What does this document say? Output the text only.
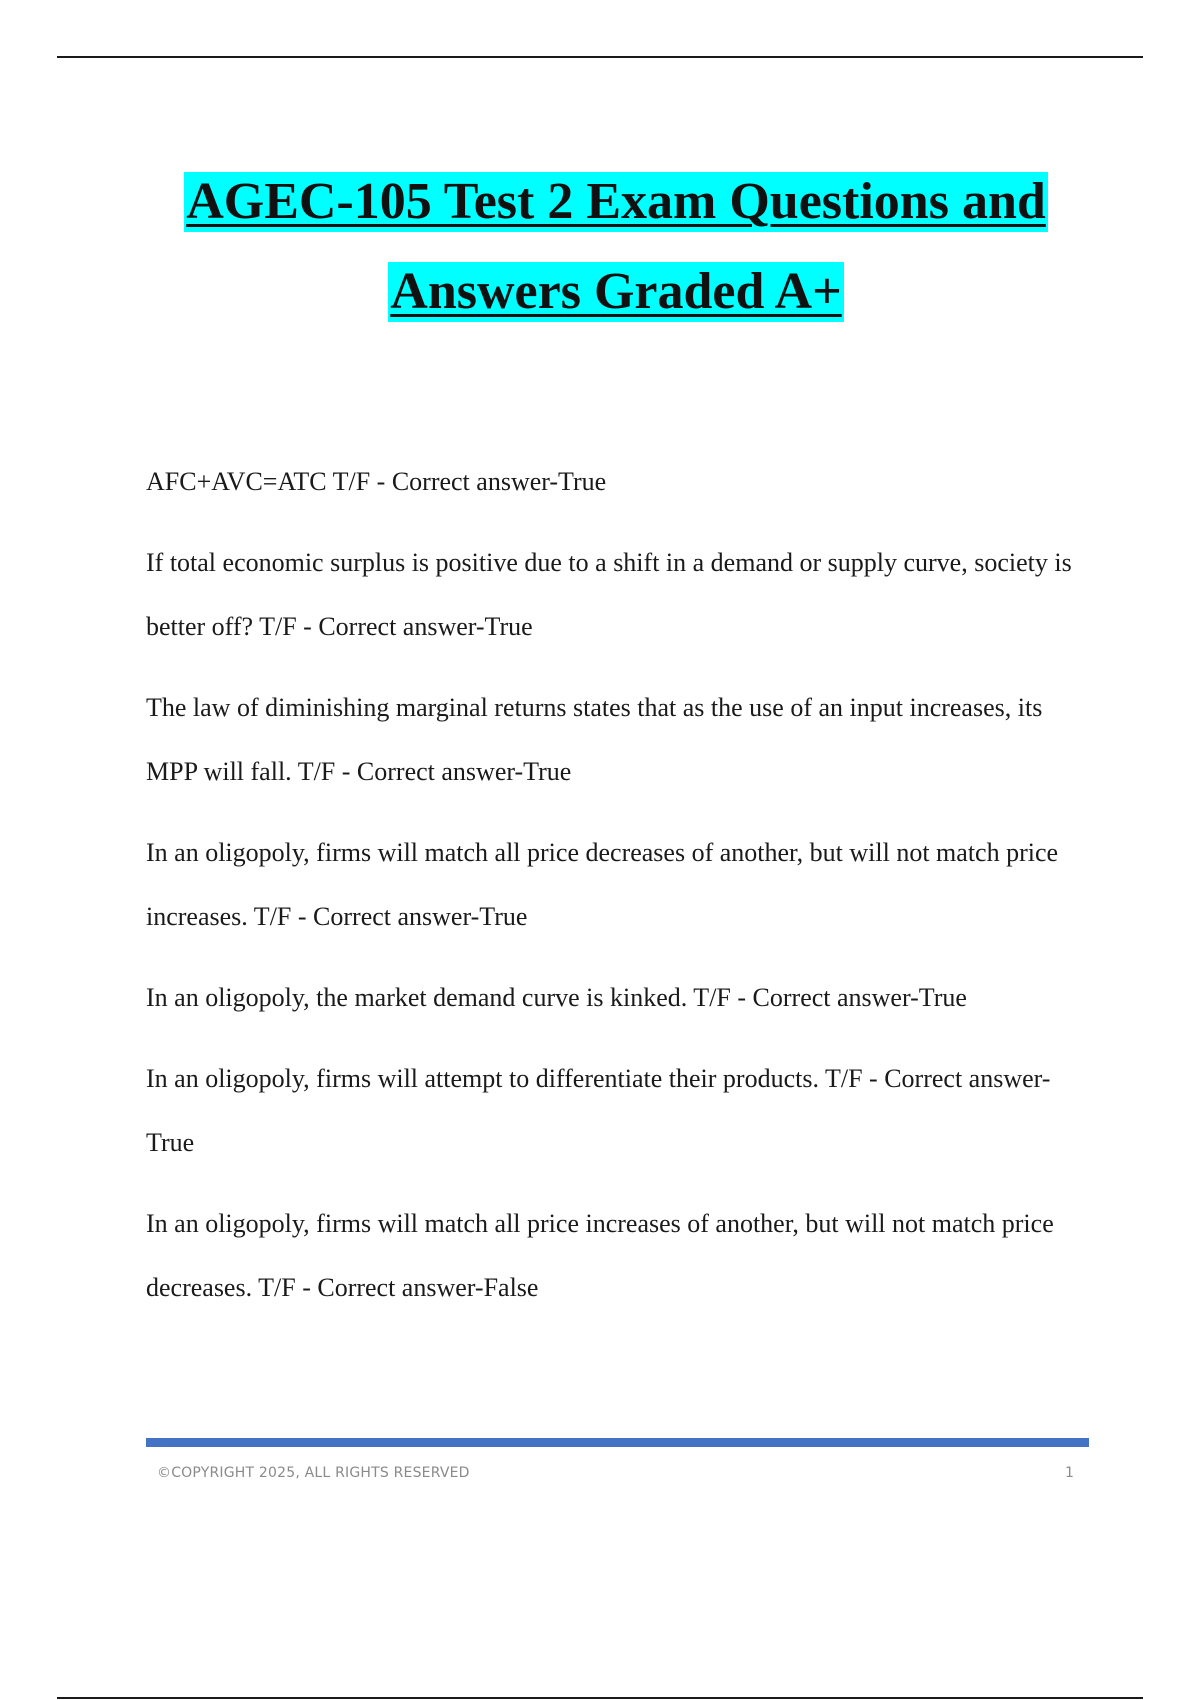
AGEC-105 Test 2 Exam Questions and
Answers Graded A+

AFC+AVC=ATC T/F - Correct answer-True

If total economic surplus is positive due to a shift in a demand or supply curve, society is better off? T/F - Correct answer-True

The law of diminishing marginal returns states that as the use of an input increases, its MPP will fall. T/F - Correct answer-True

In an oligopoly, firms will match all price decreases of another, but will not match price increases. T/F - Correct answer-True

In an oligopoly, the market demand curve is kinked. T/F - Correct answer-True

In an oligopoly, firms will attempt to differentiate their products. T/F - Correct answer-True

In an oligopoly, firms will match all price increases of another, but will not match price decreases. T/F - Correct answer-False

©COPYRIGHT 2025, ALL RIGHTS RESERVED	1
